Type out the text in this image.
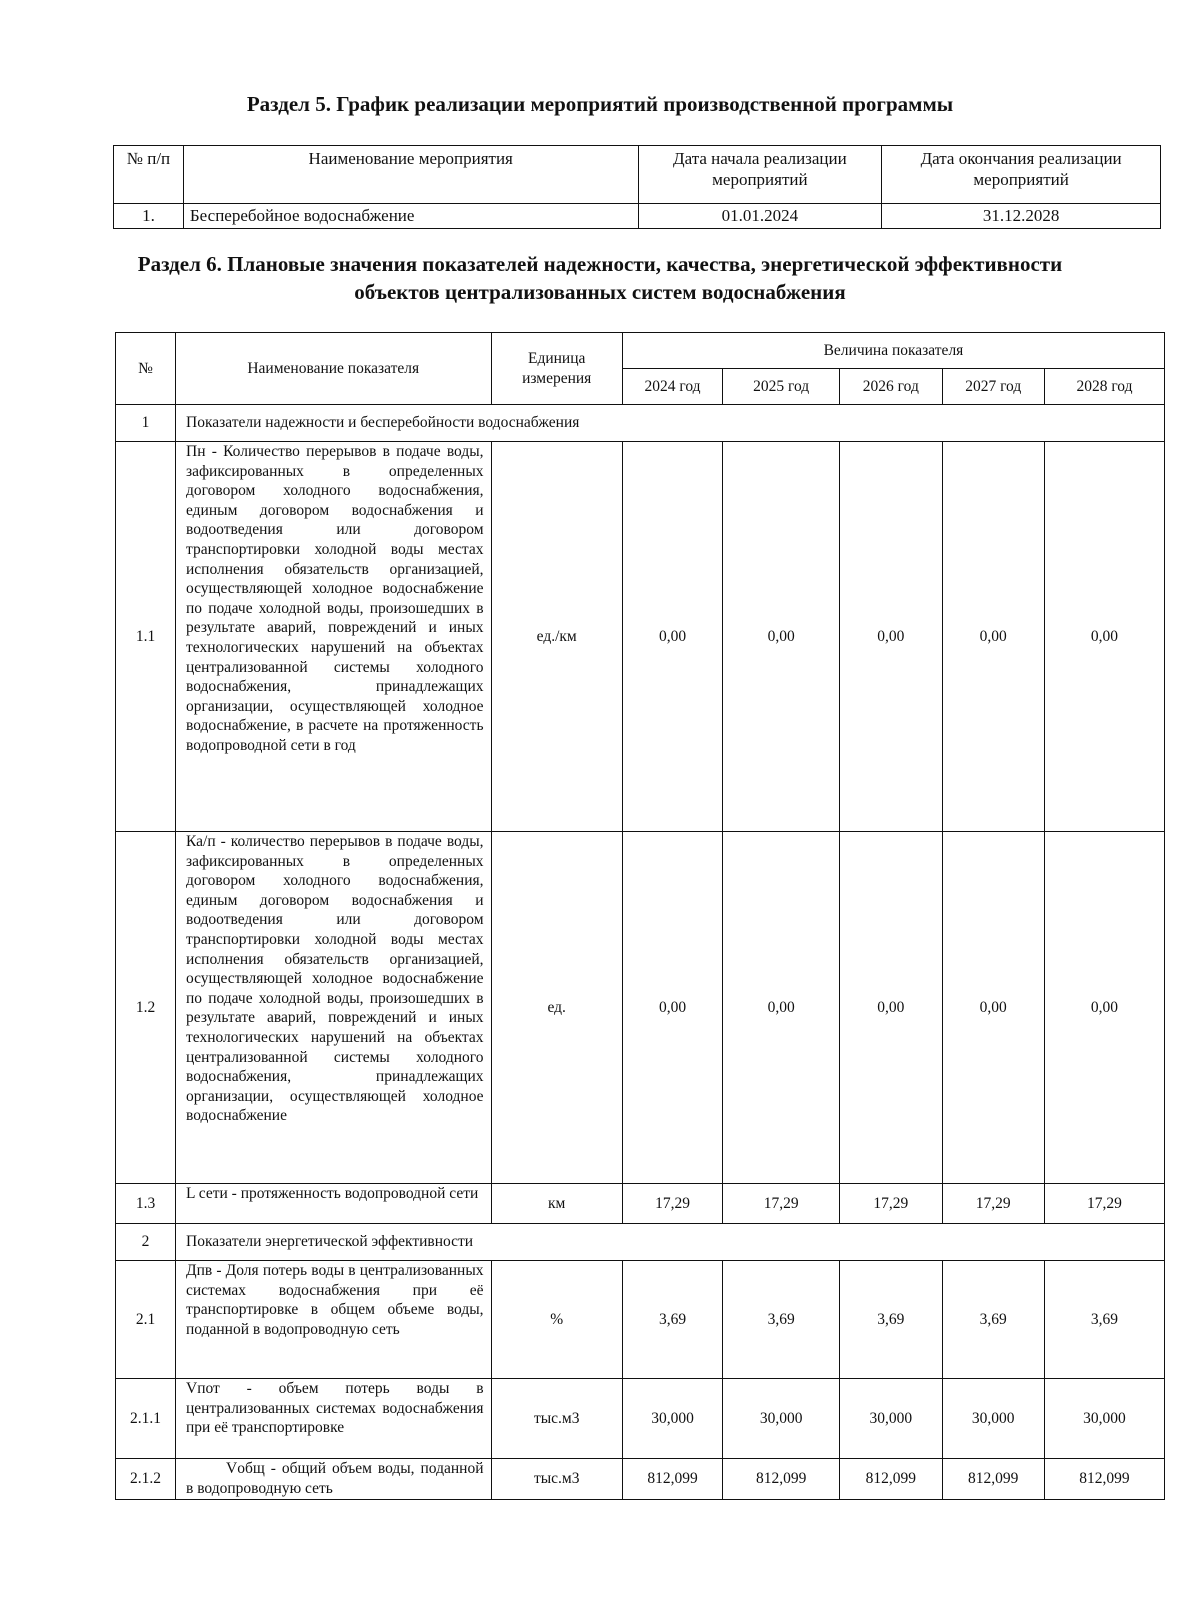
Раздел 5. График реализации мероприятий производственной программы
№ п/п	Наименование мероприятия	Дата начала реализации мероприятий	Дата окончания реализации мероприятий
1.	Бесперебойное водоснабжение	01.01.2024	31.12.2028
Раздел 6. Плановые значения показателей надежности, качества, энергетической эффективности объектов централизованных систем водоснабжения
№	Наименование показателя	Единица измерения	Величина показателя				
			2024 год	2025 год	2026 год	2027 год	2028 год
1	Показатели надежности и бесперебойности водоснабжения						
1.1	Пн - Количество перерывов в подаче воды, зафиксированных в определенных договором холодного водоснабжения, единым договором водоснабжения и водоотведения или договором транспортировки холодной воды местах исполнения обязательств организацией, осуществляющей холодное водоснабжение по подаче холодной воды, произошедших в результате аварий, повреждений и иных технологических нарушений на объектах централизованной системы холодного водоснабжения, принадлежащих организации, осуществляющей холодное водоснабжение, в расчете на протяженность водопроводной сети в год	ед./км	0,00	0,00	0,00	0,00	0,00
1.2	Ка/п - количество перерывов в подаче воды, зафиксированных в определенных договором холодного водоснабжения, единым договором водоснабжения и водоотведения или договором транспортировки холодной воды местах исполнения обязательств организацией, осуществляющей холодное водоснабжение по подаче холодной воды, произошедших в результате аварий, повреждений и иных технологических нарушений на объектах централизованной системы холодного водоснабжения, принадлежащих организации, осуществляющей холодное водоснабжение	ед.	0,00	0,00	0,00	0,00	0,00
1.3	L сети - протяженность водопроводной сети	км	17,29	17,29	17,29	17,29	17,29
2	Показатели энергетической эффективности						
2.1	Дпв - Доля потерь воды в централизованных системах водоснабжения при её транспортировке в общем объеме воды, поданной в водопроводную сеть	%	3,69	3,69	3,69	3,69	3,69
2.1.1	Vпот - объем потерь воды в централизованных системах водоснабжения при её транспортировке	тыс.м3	30,000	30,000	30,000	30,000	30,000
2.1.2	Vобщ - общий объем воды, поданной в водопроводную сеть	тыс.м3	812,099	812,099	812,099	812,099	812,099
